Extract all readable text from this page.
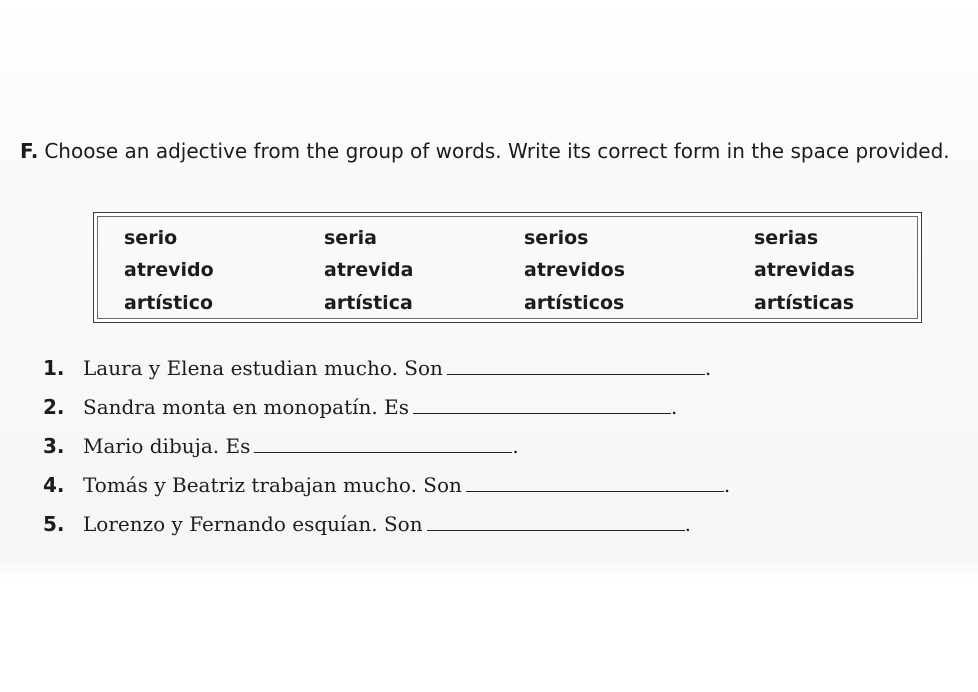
F. Choose an adjective from the group of words. Write its correct form in the space provided.
serio	seria	serios	serias
atrevido	atrevida	atrevidos	atrevidas
artístico	artística	artísticos	artísticas
1. Laura y Elena estudian mucho. Son	.
2. Sandra monta en monopatín. Es	.
3. Mario dibuja. Es	.
4. Tomás y Beatriz trabajan mucho. Son	.
5. Lorenzo y Fernando esquían. Son	.
